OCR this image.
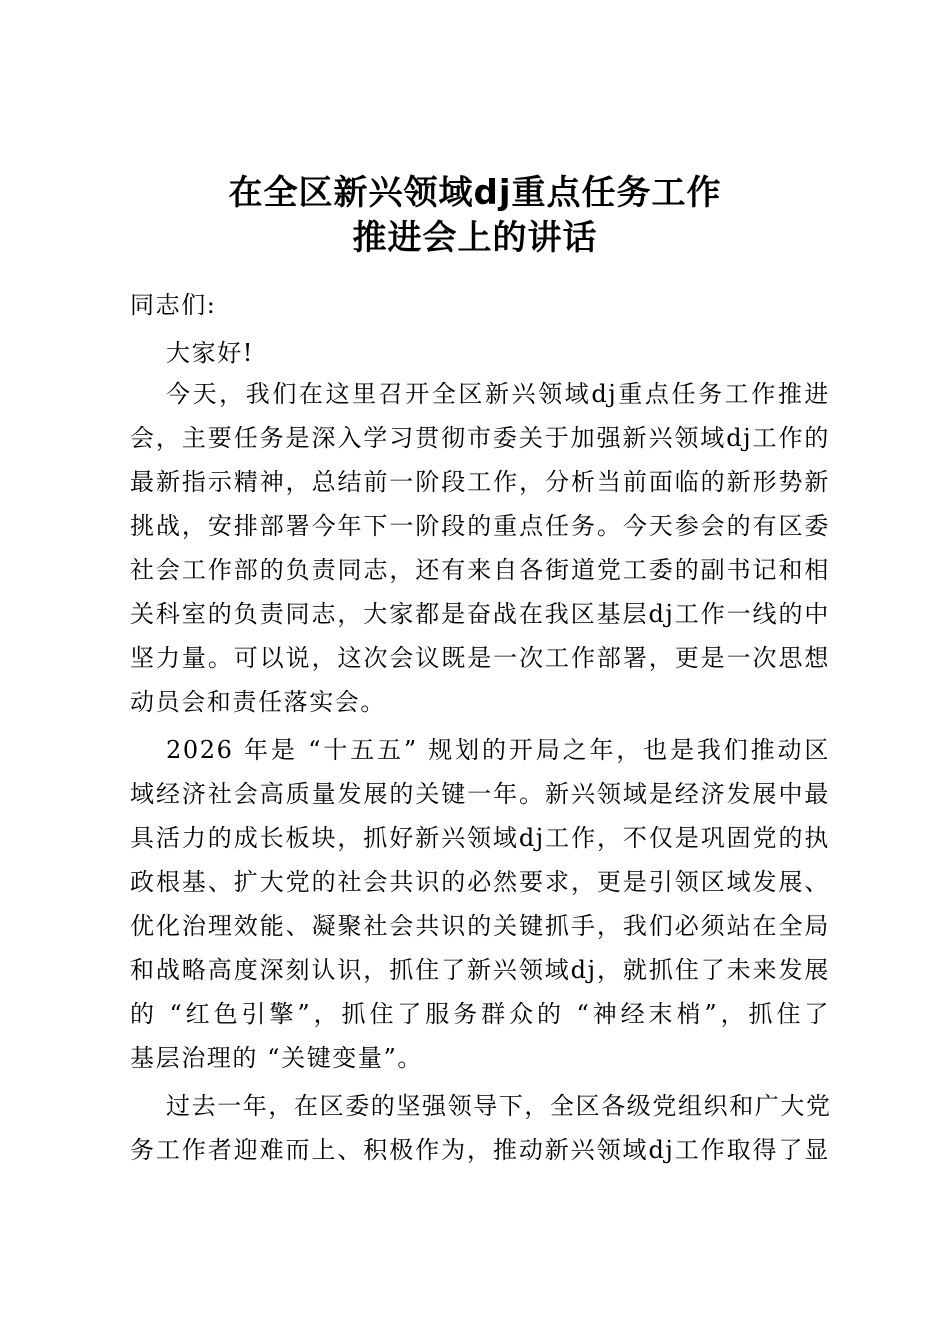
在全区新兴领域dj重点任务工作
推进会上的讲话
同志们:
大家好!
今天，我们在这里召开全区新兴领域dj重点任务工作推进
会，主要任务是深入学习贯彻市委关于加强新兴领域dj工作的
最新指示精神，总结前一阶段工作，分析当前面临的新形势新
挑战，安排部署今年下一阶段的重点任务。今天参会的有区委
社会工作部的负责同志，还有来自各街道党工委的副书记和相
关科室的负责同志，大家都是奋战在我区基层dj工作一线的中
坚力量。可以说，这次会议既是一次工作部署，更是一次思想
动员会和责任落实会。
2026 年是 “十五五” 规划的开局之年，也是我们推动区
域经济社会高质量发展的关键一年。新兴领域是经济发展中最
具活力的成长板块，抓好新兴领域dj工作，不仅是巩固党的执
政根基、扩大党的社会共识的必然要求，更是引领区域发展、
优化治理效能、凝聚社会共识的关键抓手，我们必须站在全局
和战略高度深刻认识，抓住了新兴领域dj，就抓住了未来发展
的 “红色引擎”，抓住了服务群众的 “神经末梢”，抓住了
基层治理的 “关键变量”。
过去一年，在区委的坚强领导下，全区各级党组织和广大党
务工作者迎难而上、积极作为，推动新兴领域dj工作取得了显
